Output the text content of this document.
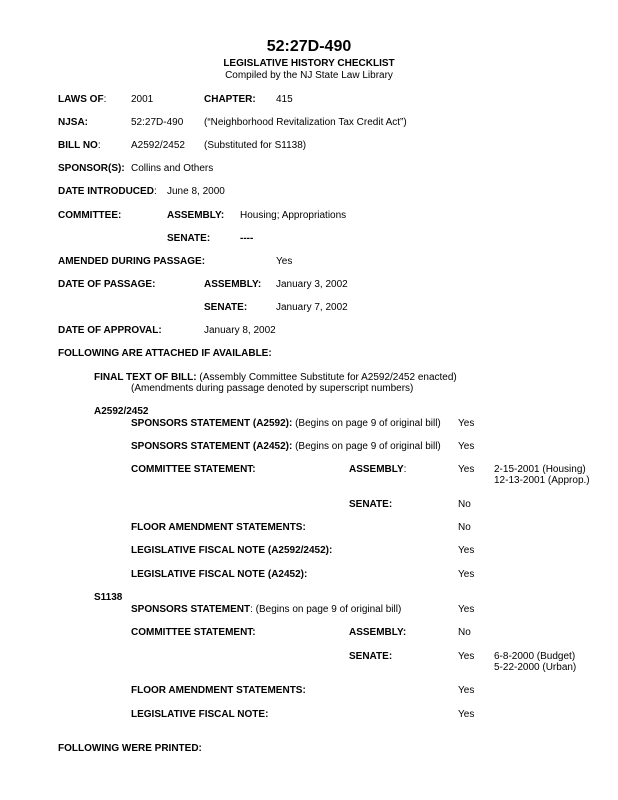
52:27D-490
LEGISLATIVE HISTORY CHECKLIST
Compiled by the NJ State Law Library
LAWS OF: 2001	CHAPTER: 415
NJSA:	52:27D-490 (“Neighborhood Revitalization Tax Credit Act”)
BILL NO:	A2592/2452 (Substituted for S1138)
SPONSOR(S): Collins and Others
DATE INTRODUCED: June 8, 2000
COMMITTEE:	ASSEMBLY: Housing; Appropriations
SENATE:	----
AMENDED DURING PASSAGE:	Yes
DATE OF PASSAGE:	ASSEMBLY: January 3, 2002
SENATE:	January 7, 2002
DATE OF APPROVAL:	January 8, 2002
FOLLOWING ARE ATTACHED IF AVAILABLE:
FINAL TEXT OF BILL: (Assembly Committee Substitute for A2592/2452 enacted)
(Amendments during passage denoted by superscript numbers)
A2592/2452
SPONSORS STATEMENT (A2592): (Begins on page 9 of original bill) Yes
SPONSORS STATEMENT (A2452): (Begins on page 9 of original bill) Yes
COMMITTEE STATEMENT:	ASSEMBLY:	Yes 2-15-2001 (Housing)
12-13-2001 (Approp.)
SENATE:	No
FLOOR AMENDMENT STATEMENTS:	No
LEGISLATIVE FISCAL NOTE (A2592/2452):	Yes
LEGISLATIVE FISCAL NOTE (A2452):	Yes
S1138
SPONSORS STATEMENT: (Begins on page 9 of original bill)	Yes
COMMITTEE STATEMENT:	ASSEMBLY:	No
SENATE:	Yes 6-8-2000 (Budget)
5-22-2000 (Urban)
FLOOR AMENDMENT STATEMENTS:	Yes
LEGISLATIVE FISCAL NOTE:	Yes
FOLLOWING WERE PRINTED:
